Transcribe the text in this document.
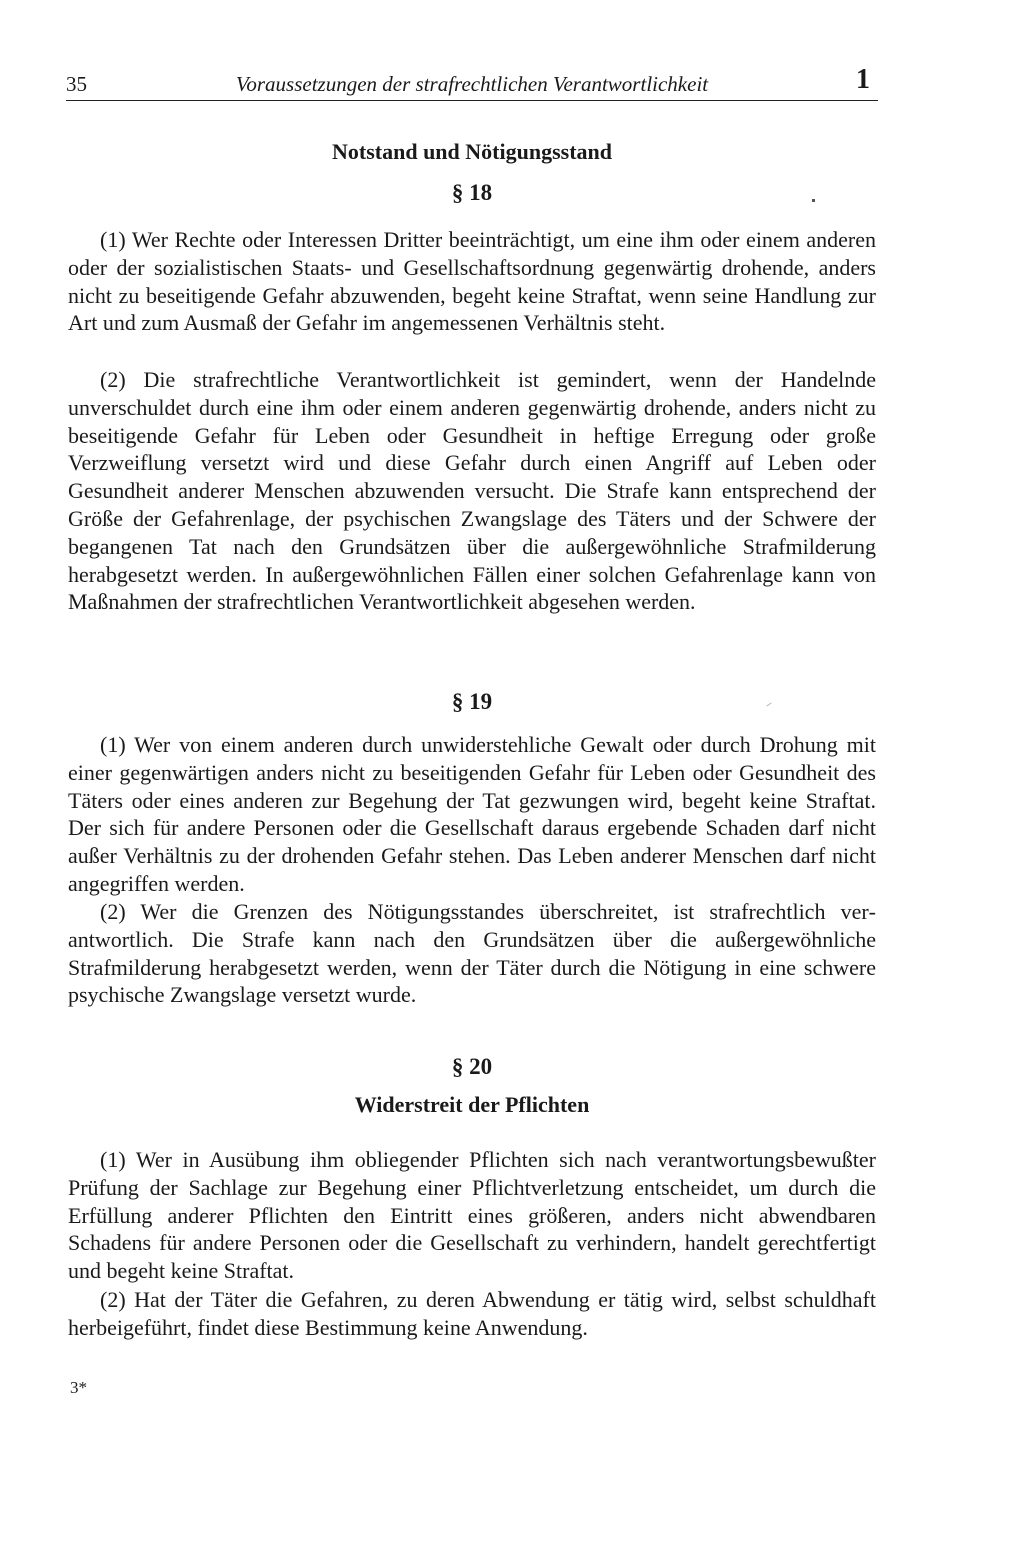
35	Voraussetzungen der strafrechtlichen Verantwortlichkeit	1
Notstand und Nötigungsstand
§ 18

(1) Wer Rechte oder Interessen Dritter beeinträchtigt, um eine ihm oder einem anderen oder der sozialistischen Staats- und Gesellschaftsordnung gegenwärtig drohende, anders nicht zu beseitigende Gefahr abzuwenden, begeht keine Straftat, wenn seine Handlung zur Art und zum Ausmaß der Gefahr im angemessenen Verhältnis steht.

(2) Die strafrechtliche Verantwortlichkeit ist gemindert, wenn der Handelnde unverschuldet durch eine ihm oder einem anderen gegenwärtig drohende, anders nicht zu beseitigende Gefahr für Leben oder Gesundheit in heftige Erregung oder große Verzweiflung versetzt wird und diese Gefahr durch einen Angriff auf Leben oder Gesundheit anderer Menschen abzuwenden versucht. Die Strafe kann entsprechend der Größe der Gefahrenlage, der psychischen Zwangslage des Täters und der Schwere der begangenen Tat nach den Grundsätzen über die außergewöhnliche Strafmilderung herabgesetzt werden. In außergewöhnlichen Fällen einer solchen Gefahrenlage kann von Maßnahmen der strafrechtlichen Verantwortlichkeit abgesehen werden.

§ 19

(1) Wer von einem anderen durch unwiderstehliche Gewalt oder durch Drohung mit einer gegenwärtigen anders nicht zu beseitigenden Gefahr für Leben oder Gesundheit des Täters oder eines anderen zur Begehung der Tat gezwungen wird, begeht keine Straftat. Der sich für andere Personen oder die Gesellschaft daraus ergebende Schaden darf nicht außer Verhältnis zu der drohenden Gefahr stehen. Das Leben anderer Menschen darf nicht angegriffen werden.

(2) Wer die Grenzen des Nötigungsstandes überschreitet, ist strafrechtlich verantwortlich. Die Strafe kann nach den Grundsätzen über die außergewöhnliche Strafmilderung herabgesetzt werden, wenn der Täter durch die Nötigung in eine schwere psychische Zwangslage versetzt wurde.

§ 20
Widerstreit der Pflichten

(1) Wer in Ausübung ihm obliegender Pflichten sich nach verantwortungsbewußter Prüfung der Sachlage zur Begehung einer Pflichtverletzung entscheidet, um durch die Erfüllung anderer Pflichten den Eintritt eines größeren, anders nicht abwendbaren Schadens für andere Personen oder die Gesellschaft zu verhindern, handelt gerechtfertigt und begeht keine Straftat.

(2) Hat der Täter die Gefahren, zu deren Abwendung er tätig wird, selbst schuldhaft herbeigeführt, findet diese Bestimmung keine Anwendung.

3*
